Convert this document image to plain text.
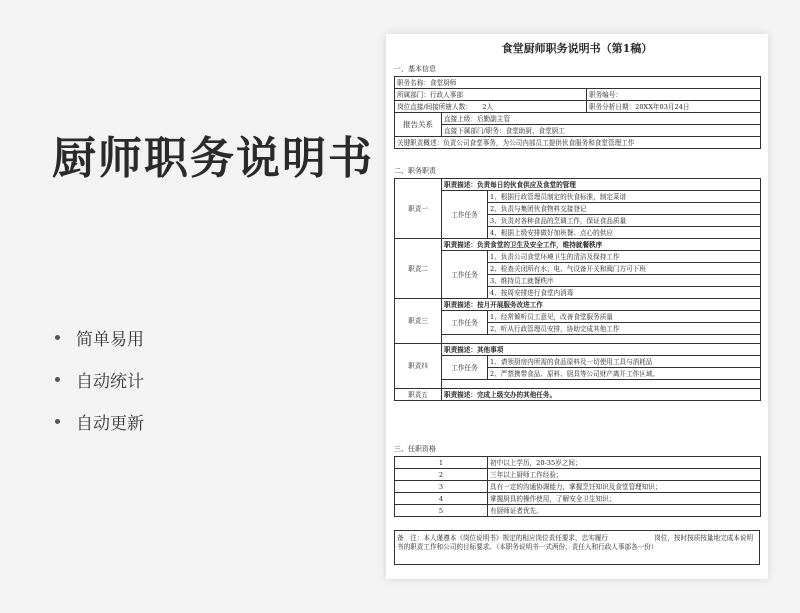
厨师职务说明书
简单易用
自动统计
自动更新
食堂厨师职务说明书（第1稿）
一、基本信息
职务名称：食堂厨师		
所属部门：行政人事部		职务编号：
岗位直接/间接所辖人数： 2人		职务分析日期：20XX年03月24日
报告关系	直接上级：后勤副主管	
	直接下属部门/职务：食堂助厨、食堂厨工	
关键职责概述：负责公司食堂事务，为公司内部员工提供伙食服务和食堂管理工作		
二、职务职责
职责一	职责描述：负责每日的伙食供应及食堂的管理	
	工作任务	1、根据行政管理员制定的伙食标准，制定菜谱
		2、负责与集团伙食物料交接登记
		3、负责对各种食品的烹调工作，保证食品质量
		4、根据上级安排做好加班餐、点心的供应
职责二	职责描述：负责食堂的卫生及安全工作，维持就餐秩序	
	工作任务	1、负责公司食堂环境卫生的清洁及保持工作
		2、检查关闭所有水、电、气设备开关和阀门方可下班
		3、维持员工就餐秩序
		4、按周安排进行食堂内消毒
职责三	职责描述：按月开展服务改进工作	
	工作任务	1、经常倾听员工意见，改善食堂服务质量
		2、听从行政管理员安排，协助完成其他工作

职责四	职责描述：其他事项	
	工作任务	1、请领厨房内所需的食品原料及一切使用工具与消耗品
		2、严禁携带食品、原料、厨具等公司财产离开工作区域。

职责五	职责描述：完成上级交办的其他任务。	
三、任职资格
1	初中以上学历，20-35岁之间；
2	三年以上厨师工作经验；
3	具有一定的沟通协调能力，掌握烹饪知识及食堂管理知识；
4	掌握厨具的操作使用，了解安全卫生知识；
5	有厨师证者优先。
备　注：本人谨遵本《岗位说明书》规定的相应岗位责任要求，忠实履行　　　　　　　岗位，按时按质按量地完成本说明书的职责工作和公司的目标要求。（本职务说明书一式两份，责任人和行政人事部各一份）
